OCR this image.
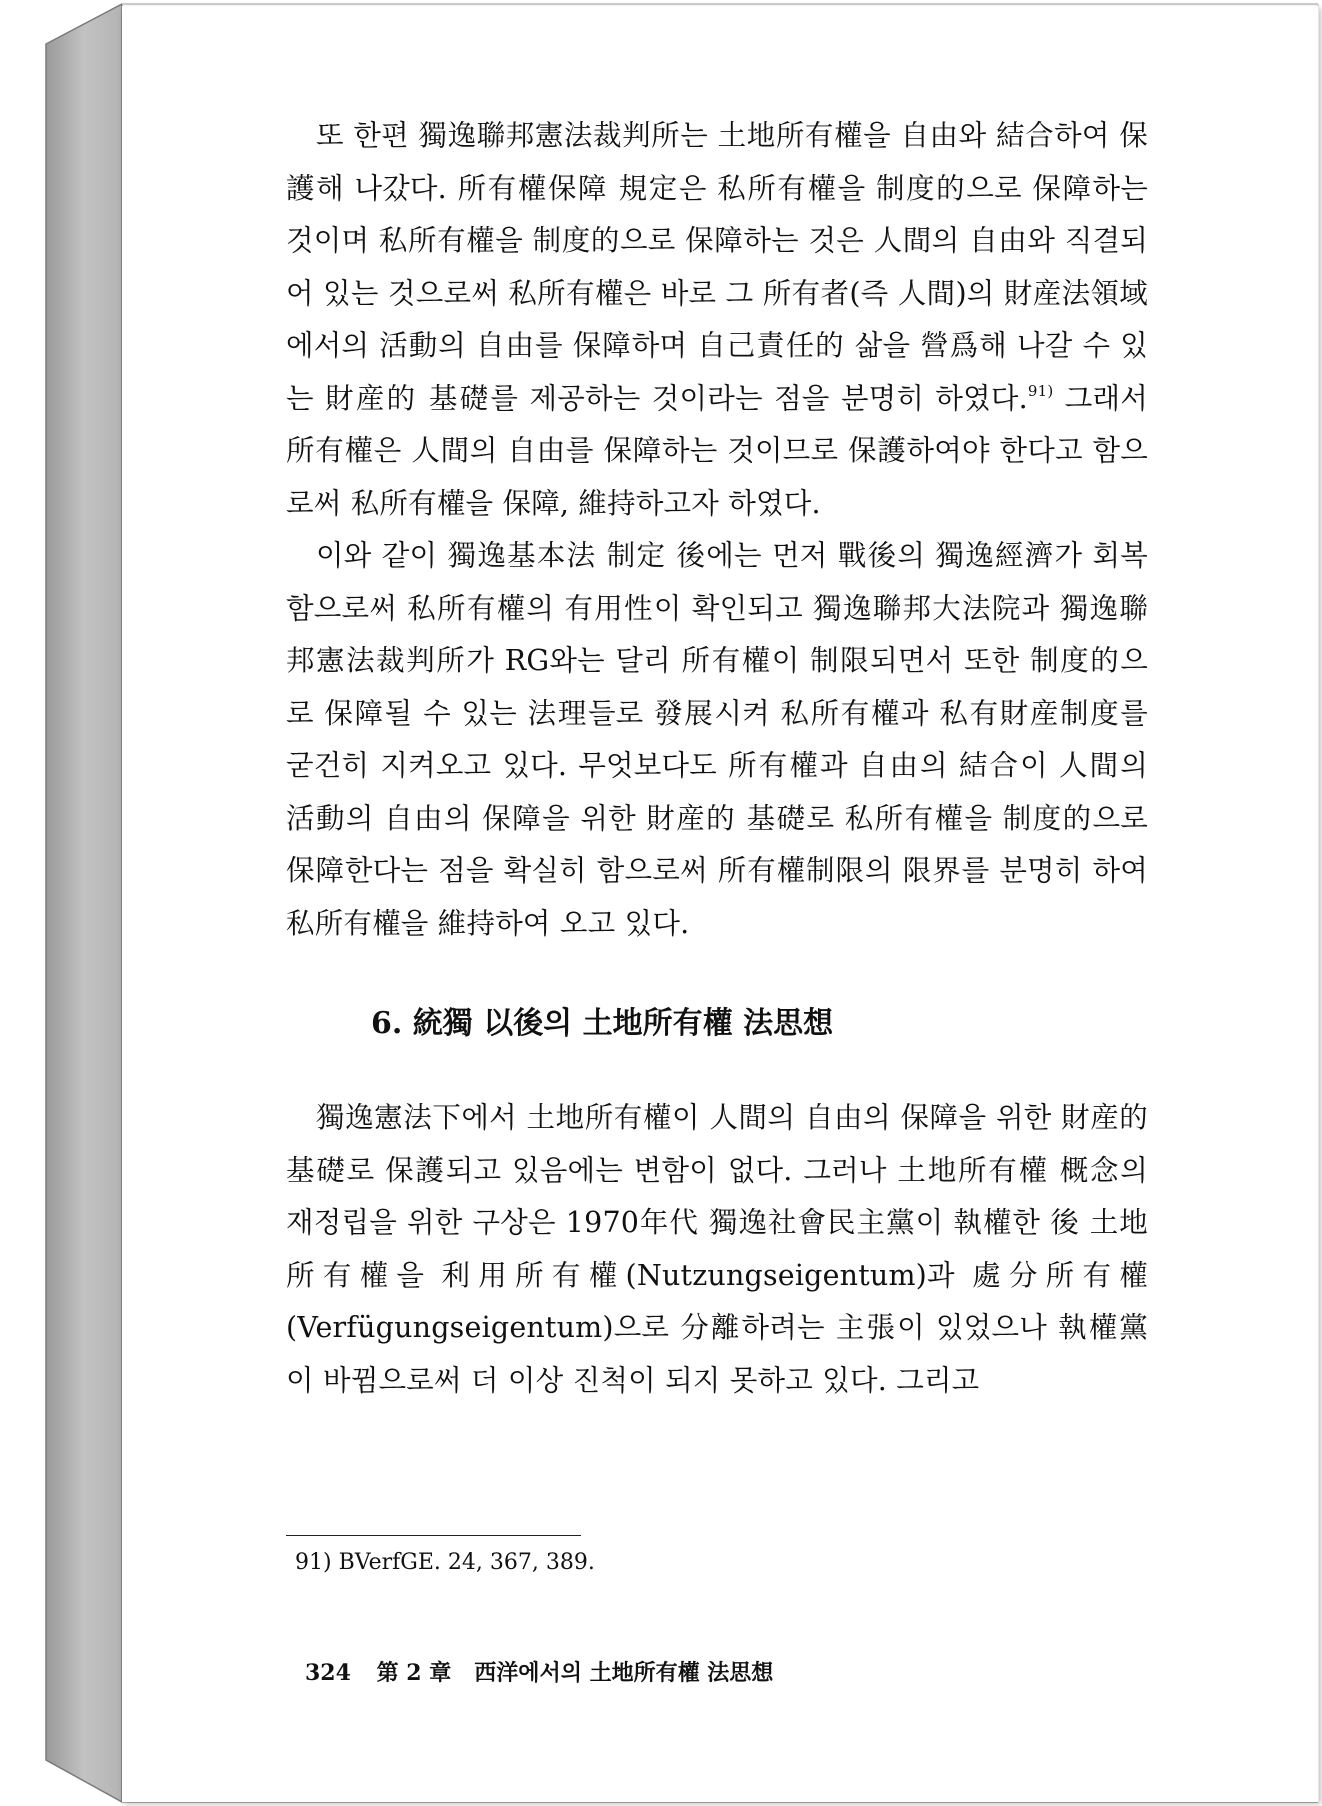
또 한편 獨逸聯邦憲法裁判所는 土地所有權을 自由와 結合하여 保護해 나갔다. 所有權保障 規定은 私所有權을 制度的으로 保障하는 것이며 私所有權을 制度的으로 保障하는 것은 人間의 自由와 직결되어 있는 것으로써 私所有權은 바로 그 所有者(즉 人間)의 財産法領域에서의 活動의 自由를 保障하며 自己責任的 삶을 營爲해 나갈 수 있는 財産的 基礎를 제공하는 것이라는 점을 분명히 하였다.$^{91)}$ 그래서 所有權은 人間의 自由를 保障하는 것이므로 保護하여야 한다고 함으로써 私所有權을 保障, 維持하고자 하였다.

이와 같이 獨逸基本法 制定 後에는 먼저 戰後의 獨逸經濟가 회복함으로써 私所有權의 有用性이 확인되고 獨逸聯邦大法院과 獨逸聯邦憲法裁判所가 RG와는 달리 所有權이 制限되면서 또한 制度的으로 保障될 수 있는 法理들로 發展시켜 私所有權과 私有財産制度를 굳건히 지켜오고 있다. 무엇보다도 所有權과 自由의 結合이 人間의 活動의 自由의 保障을 위한 財産的 基礎로 私所有權을 制度的으로 保障한다는 점을 확실히 함으로써 所有權制限의 限界를 분명히 하여 私所有權을 維持하여 오고 있다.

6. 統獨 以後의 土地所有權 法思想

獨逸憲法下에서 土地所有權이 人間의 自由의 保障을 위한 財産的 基礎로 保護되고 있음에는 변함이 없다. 그러나 土地所有權 概念의 재정립을 위한 구상은 1970年代 獨逸社會民主黨이 執權한 後 土地所有權을 利用所有權(Nutzungseigentum)과 處分所有權(Verfügungseigentum)으로 分離하려는 主張이 있었으나 執權黨이 바뀜으로써 더 이상 진척이 되지 못하고 있다. 그리고

91) BVerfGE. 24, 367, 389.
324 第 2 章 西洋에서의 土地所有權 法思想
